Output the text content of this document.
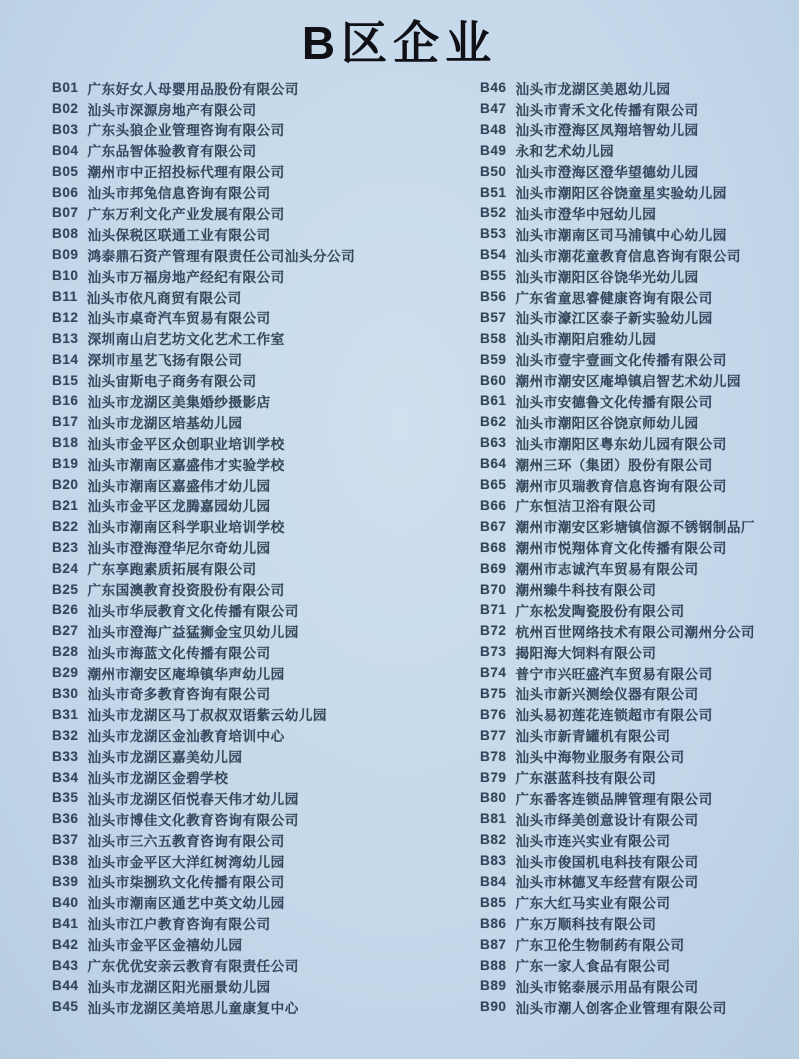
B区企业
B01 广东好女人母婴用品股份有限公司
B02 汕头市深源房地产有限公司
B03 广东头狼企业管理咨询有限公司
B04 广东品智体验教育有限公司
B05 潮州市中正招投标代理有限公司
B06 汕头市邦兔信息咨询有限公司
B07 广东万利文化产业发展有限公司
B08 汕头保税区联通工业有限公司
B09 鸿泰鼎石资产管理有限责任公司汕头分公司
B10 汕头市万福房地产经纪有限公司
B11 汕头市依凡商贸有限公司
B12 汕头市桌奇汽车贸易有限公司
B13 深圳南山启艺坊文化艺术工作室
B14 深圳市星艺飞扬有限公司
B15 汕头宙斯电子商务有限公司
B16 汕头市龙湖区美集婚纱摄影店
B17 汕头市龙湖区培基幼儿园
B18 汕头市金平区众创职业培训学校
B19 汕头市潮南区嘉盛伟才实验学校
B20 汕头市潮南区嘉盛伟才幼儿园
B21 汕头市金平区龙腾嘉园幼儿园
B22 汕头市潮南区科学职业培训学校
B23 汕头市澄海澄华尼尔奇幼儿园
B24 广东享跑素质拓展有限公司
B25 广东国澳教育投资股份有限公司
B26 汕头市华辰教育文化传播有限公司
B27 汕头市澄海广益猛狮金宝贝幼儿园
B28 汕头市海蓝文化传播有限公司
B29 潮州市潮安区庵埠镇华声幼儿园
B30 汕头市奇多教育咨询有限公司
B31 汕头市龙湖区马丁叔叔双语紫云幼儿园
B32 汕头市龙湖区金汕教育培训中心
B33 汕头市龙湖区嘉美幼儿园
B34 汕头市龙湖区金碧学校
B35 汕头市龙湖区佰悦春天伟才幼儿园
B36 汕头市博佳文化教育咨询有限公司
B37 汕头市三六五教育咨询有限公司
B38 汕头市金平区大洋红树湾幼儿园
B39 汕头市柒捌玖文化传播有限公司
B40 汕头市潮南区通艺中英文幼儿园
B41 汕头市江户教育咨询有限公司
B42 汕头市金平区金禧幼儿园
B43 广东优优安亲云教育有限责任公司
B44 汕头市龙湖区阳光丽景幼儿园
B45 汕头市龙湖区美培思儿童康复中心
B46 汕头市龙湖区美恩幼儿园
B47 汕头市青禾文化传播有限公司
B48 汕头市澄海区凤翔培智幼儿园
B49 永和艺术幼儿园
B50 汕头市澄海区澄华望德幼儿园
B51 汕头市潮阳区谷饶童星实验幼儿园
B52 汕头市澄华中冠幼儿园
B53 汕头市潮南区司马浦镇中心幼儿园
B54 汕头市潮花童教育信息咨询有限公司
B55 汕头市潮阳区谷饶华光幼儿园
B56 广东省童思睿健康咨询有限公司
B57 汕头市濠江区泰子新实验幼儿园
B58 汕头市潮阳启雅幼儿园
B59 汕头市壹宇壹画文化传播有限公司
B60 潮州市潮安区庵埠镇启智艺术幼儿园
B61 汕头市安德鲁文化传播有限公司
B62 汕头市潮阳区谷饶京师幼儿园
B63 汕头市潮阳区粤东幼儿园有限公司
B64 潮州三环（集团）股份有限公司
B65 潮州市贝瑞教育信息咨询有限公司
B66 广东恒洁卫浴有限公司
B67 潮州市潮安区彩塘镇信源不锈钢制品厂
B68 潮州市悦翔体育文化传播有限公司
B69 潮州市志诚汽车贸易有限公司
B70 潮州臻牛科技有限公司
B71 广东松发陶瓷股份有限公司
B72 杭州百世网络技术有限公司潮州分公司
B73 揭阳海大饲料有限公司
B74 普宁市兴旺盛汽车贸易有限公司
B75 汕头市新兴测绘仪器有限公司
B76 汕头易初莲花连锁超市有限公司
B77 汕头市新青罐机有限公司
B78 汕头中海物业服务有限公司
B79 广东湛蓝科技有限公司
B80 广东番客连锁品牌管理有限公司
B81 汕头市绎美创意设计有限公司
B82 汕头市连兴实业有限公司
B83 汕头市俊国机电科技有限公司
B84 汕头市林德叉车经营有限公司
B85 广东大红马实业有限公司
B86 广东万顺科技有限公司
B87 广东卫伦生物制药有限公司
B88 广东一家人食品有限公司
B89 汕头市铭泰展示用品有限公司
B90 汕头市潮人创客企业管理有限公司
